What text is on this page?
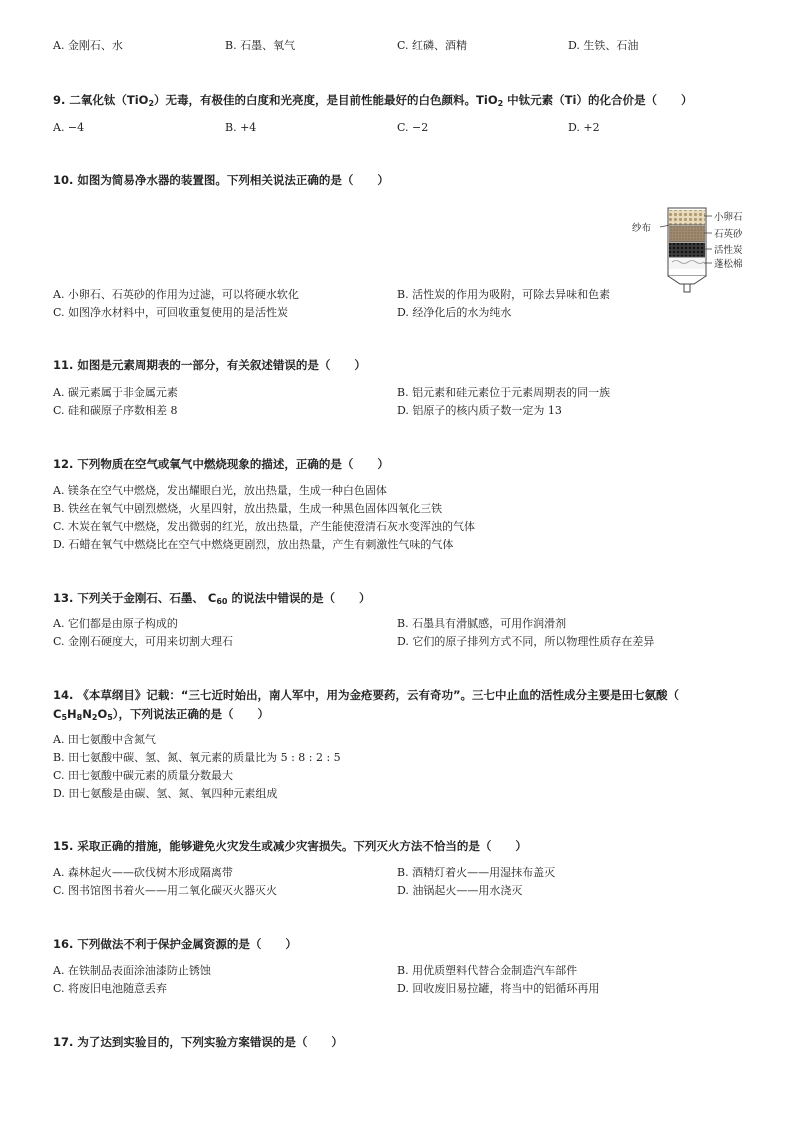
A. 金刚石、水	B. 石墨、氧气	C. 红磷、酒精	D. 生铁、石油
9. 二氧化钛（TiO$_2$）无毒，有极佳的白度和光亮度，是目前性能最好的白色颜料。TiO$_2$ 中钛元素（Ti）的化合价是（ ）
A. −4	B. +4	C. −2	D. +2
10. 如图为简易净水器的装置图。下列相关说法正确的是（ ）
纱布
小卵石
石英砂
活性炭
蓬松棉
A. 小卵石、石英砂的作用为过滤，可以将硬水软化	B. 活性炭的作用为吸附，可除去异味和色素
C. 如图净水材料中，可回收重复使用的是活性炭	D. 经净化后的水为纯水
11. 如图是元素周期表的一部分，有关叙述错误的是（ ）
A. 碳元素属于非金属元素	B. 铝元素和硅元素位于元素周期表的同一族
C. 硅和碳原子序数相差 8	D. 铝原子的核内质子数一定为 13
12. 下列物质在空气或氧气中燃烧现象的描述，正确的是（ ）
A. 镁条在空气中燃烧，发出耀眼白光，放出热量，生成一种白色固体
B. 铁丝在氧气中剧烈燃烧，火星四射，放出热量，生成一种黑色固体四氧化三铁
C. 木炭在氧气中燃烧，发出微弱的红光，放出热量，产生能使澄清石灰水变浑浊的气体
D. 石蜡在氧气中燃烧比在空气中燃烧更剧烈，放出热量，产生有刺激性气味的气体
13. 下列关于金刚石、石墨、 $C_{60}$ 的说法中错误的是（ ）
A. 它们都是由原子构成的	B. 石墨具有滑腻感，可用作润滑剂
C. 金刚石硬度大，可用来切割大理石	D. 它们的原子排列方式不同，所以物理性质存在差异
14. 《本草纲目》记载：“三七近时始出，南人军中，用为金疮要药，云有奇功”。三七中止血的活性成分主要是田七氨酸（
$C_5H_8N_2O_5$），下列说法正确的是（ ）
A. 田七氨酸中含氮气
B. 田七氨酸中碳、氢、氮、氧元素的质量比为 5 : 8 : 2 : 5
C. 田七氨酸中碳元素的质量分数最大
D. 田七氨酸是由碳、氢、氮、氧四种元素组成
15. 采取正确的措施，能够避免火灾发生或减少灾害损失。下列灭火方法不恰当的是（ ）
A. 森林起火——砍伐树木形成隔离带	B. 酒精灯着火——用湿抹布盖灭
C. 图书馆图书着火——用二氧化碳灭火器灭火	D. 油锅起火——用水浇灭
16. 下列做法不利于保护金属资源的是（ ）
A. 在铁制品表面涂油漆防止锈蚀	B. 用优质塑料代替合金制造汽车部件
C. 将废旧电池随意丢弃	D. 回收废旧易拉罐，将当中的铝循环再用
17. 为了达到实验目的，下列实验方案错误的是（ ）
